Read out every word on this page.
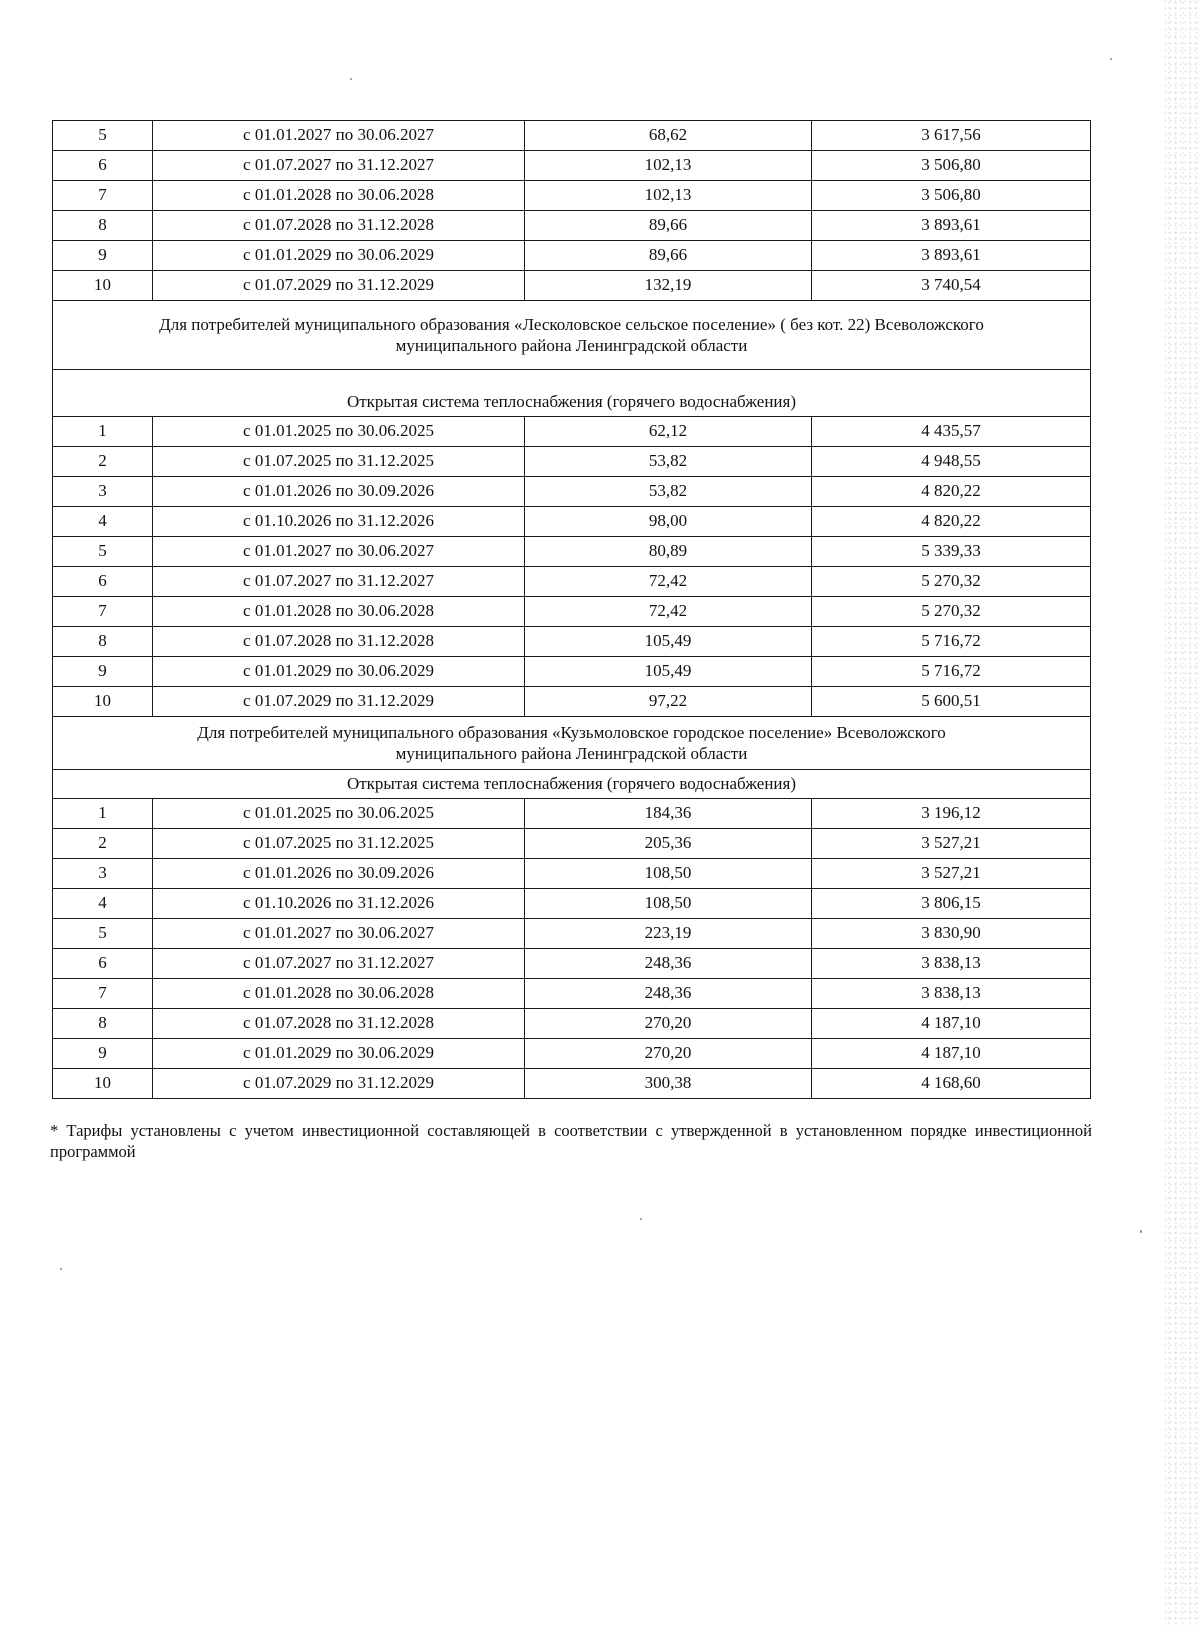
5	с 01.01.2027 по 30.06.2027	68,62	3 617,56
6	с 01.07.2027 по 31.12.2027	102,13	3 506,80
7	с 01.01.2028 по 30.06.2028	102,13	3 506,80
8	с 01.07.2028 по 31.12.2028	89,66	3 893,61
9	с 01.01.2029 по 30.06.2029	89,66	3 893,61
10	с 01.07.2029 по 31.12.2029	132,19	3 740,54

Для потребителей муниципального образования «Лесколовское сельское поселение» ( без кот. 22) Всеволожского
муниципального района Ленинградской области			

Открытая система теплоснабжения (горячего водоснабжения)			
1	с 01.01.2025 по 30.06.2025	62,12	4 435,57
2	с 01.07.2025 по 31.12.2025	53,82	4 948,55
3	с 01.01.2026 по 30.09.2026	53,82	4 820,22
4	с 01.10.2026 по 31.12.2026	98,00	4 820,22
5	с 01.01.2027 по 30.06.2027	80,89	5 339,33
6	с 01.07.2027 по 31.12.2027	72,42	5 270,32
7	с 01.01.2028 по 30.06.2028	72,42	5 270,32
8	с 01.07.2028 по 31.12.2028	105,49	5 716,72
9	с 01.01.2029 по 30.06.2029	105,49	5 716,72
10	с 01.07.2029 по 31.12.2029	97,22	5 600,51

Для потребителей муниципального образования «Кузьмоловское городское поселение» Всеволожского
муниципального района Ленинградской области			

Открытая система теплоснабжения (горячего водоснабжения)			
1	с 01.01.2025 по 30.06.2025	184,36	3 196,12
2	с 01.07.2025 по 31.12.2025	205,36	3 527,21
3	с 01.01.2026 по 30.09.2026	108,50	3 527,21
4	с 01.10.2026 по 31.12.2026	108,50	3 806,15
5	с 01.01.2027 по 30.06.2027	223,19	3 830,90
6	с 01.07.2027 по 31.12.2027	248,36	3 838,13
7	с 01.01.2028 по 30.06.2028	248,36	3 838,13
8	с 01.07.2028 по 31.12.2028	270,20	4 187,10
9	с 01.01.2029 по 30.06.2029	270,20	4 187,10
10	с 01.07.2029 по 31.12.2029	300,38	4 168,60
* Тарифы установлены с учетом инвестиционной составляющей в соответствии с утвержденной в установленном порядке инвестиционной программой
